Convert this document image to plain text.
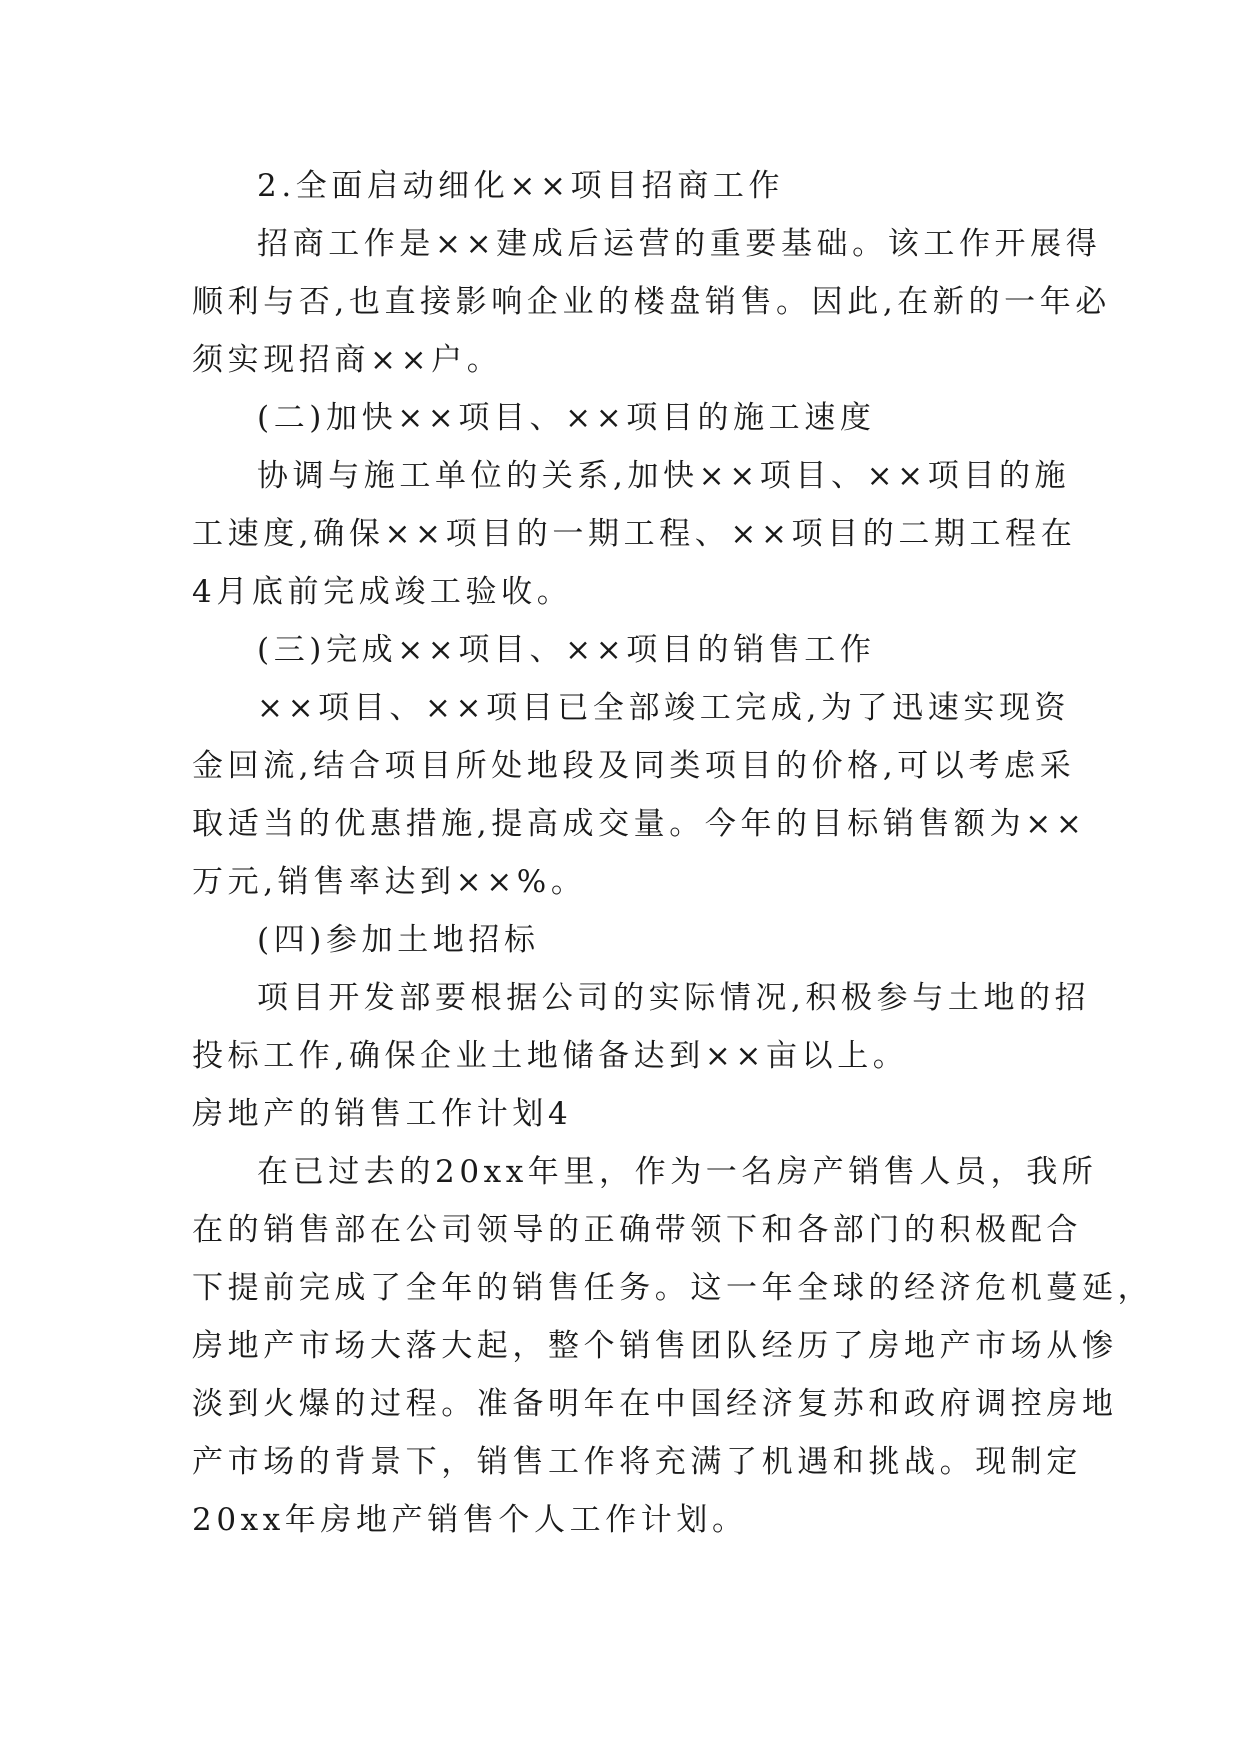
2.全面启动细化××项目招商工作
招商工作是××建成后运营的重要基础。该工作开展得
顺利与否,也直接影响企业的楼盘销售。因此,在新的一年必
须实现招商××户。
(二)加快××项目、××项目的施工速度
协调与施工单位的关系,加快××项目、××项目的施
工速度,确保××项目的一期工程、××项目的二期工程在
4月底前完成竣工验收。
(三)完成××项目、××项目的销售工作
××项目、××项目已全部竣工完成,为了迅速实现资
金回流,结合项目所处地段及同类项目的价格,可以考虑采
取适当的优惠措施,提高成交量。今年的目标销售额为××
万元,销售率达到××%。
(四)参加土地招标
项目开发部要根据公司的实际情况,积极参与土地的招
投标工作,确保企业土地储备达到××亩以上。
房地产的销售工作计划4
在已过去的20xx年里，作为一名房产销售人员，我所
在的销售部在公司领导的正确带领下和各部门的积极配合
下提前完成了全年的销售任务。这一年全球的经济危机蔓延，
房地产市场大落大起，整个销售团队经历了房地产市场从惨
淡到火爆的过程。准备明年在中国经济复苏和政府调控房地
产市场的背景下，销售工作将充满了机遇和挑战。现制定
20xx年房地产销售个人工作计划。
